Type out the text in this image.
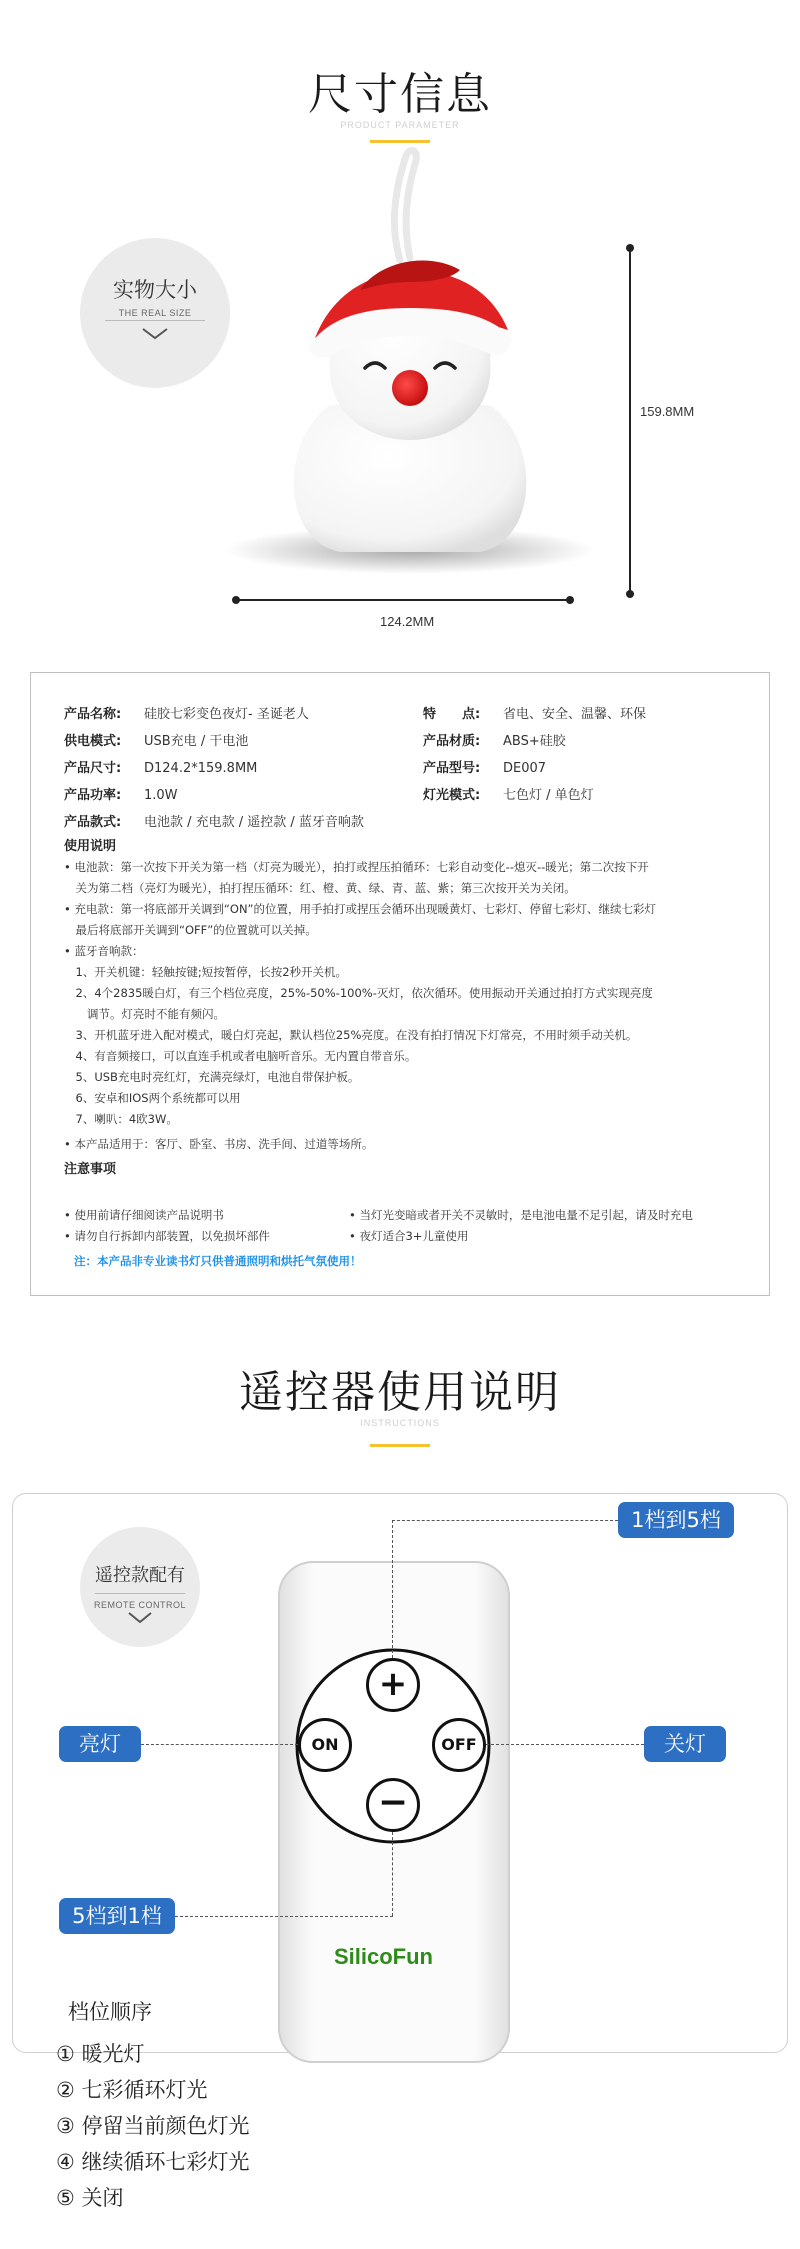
尺寸信息
PRODUCT PARAMETER
实物大小
THE REAL SIZE
124.2MM
159.8MM
产品名称: 硅胶七彩变色夜灯- 圣诞老人	特　　点: 省电、安全、温馨、环保
供电模式: USB充电 / 干电池	产品材质: ABS+硅胶
产品尺寸: D124.2*159.8MM	产品型号: DE007
产品功率: 1.0W	灯光模式: 七色灯 / 单色灯
产品款式: 电池款 / 充电款 / 遥控款 / 蓝牙音响款
使用说明
• 电池款：第一次按下开关为第一档（灯亮为暖光），拍打或捏压拍循环：七彩自动变化--熄灭--暖光；第二次按下开
　关为第二档（亮灯为暖光），拍打捏压循环：红、橙、黄、绿、青、蓝、紫；第三次按开关为关闭。
• 充电款：第一将底部开关调到“ON”的位置，用手拍打或捏压会循环出现暖黄灯、七彩灯、停留七彩灯、继续七彩灯
　最后将底部开关调到“OFF”的位置就可以关掉。
• 蓝牙音响款：
　1、开关机键：轻触按键;短按暂停，长按2秒开关机。
　2、4个2835暖白灯，有三个档位亮度，25%-50%-100%-灭灯，依次循环。使用振动开关通过拍打方式实现亮度
　　调节。灯亮时不能有频闪。
　3、开机蓝牙进入配对模式，暖白灯亮起，默认档位25%亮度。在没有拍打情况下灯常亮，不用时须手动关机。
　4、有音频接口，可以直连手机或者电脑听音乐。无内置自带音乐。
　5、USB充电时亮红灯，充满亮绿灯，电池自带保护板。
　6、安卓和IOS两个系统都可以用
　7、喇叭：4欧3W。
• 本产品适用于：客厅、卧室、书房、洗手间、过道等场所。
注意事项
• 使用前请仔细阅读产品说明书
• 请勿自行拆卸内部装置，以免损坏部件
• 当灯光变暗或者开关不灵敏时，是电池电量不足引起，请及时充电
• 夜灯适合3+儿童使用
注：本产品非专业读书灯只供普通照明和烘托气氛使用！
遥控器使用说明
INSTRUCTIONS
遥控款配有
REMOTE CONTROL
+
−
ON	OFF
SilicoFun
1档到5档
亮灯	关灯
5档到1档
档位顺序
① 暖光灯
② 七彩循环灯光
③ 停留当前颜色灯光
④ 继续循环七彩灯光
⑤ 关闭
